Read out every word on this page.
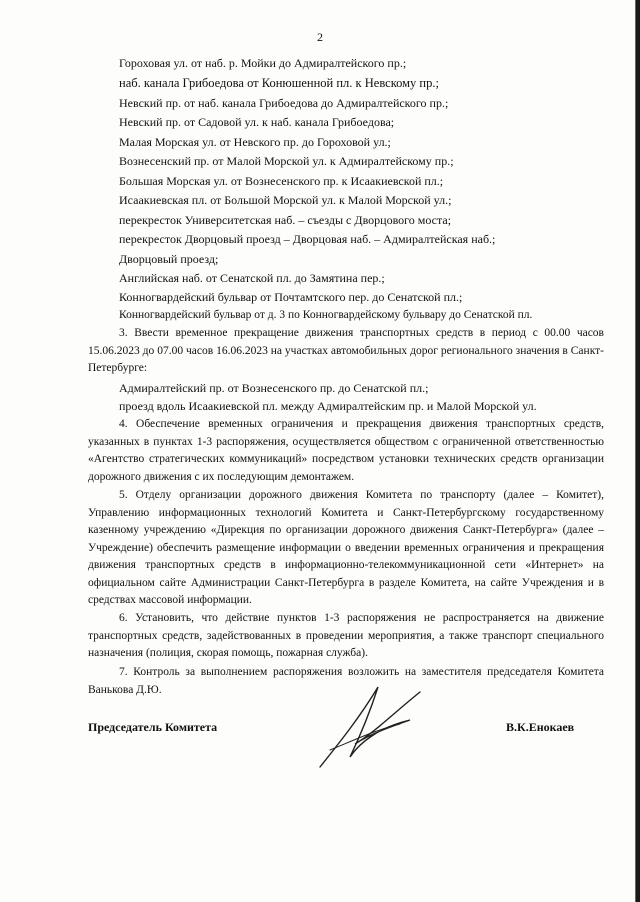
2
Гороховая ул. от наб. р. Мойки до Адмиралтейского пр.;
наб. канала Грибоедова от Конюшенной пл. к Невскому пр.;
Невский пр. от наб. канала Грибоедова до Адмиралтейского пр.;
Невский пр. от Садовой ул. к наб. канала Грибоедова;
Малая Морская ул. от Невского пр. до Гороховой ул.;
Вознесенский пр. от Малой Морской ул. к Адмиралтейскому пр.;
Большая Морская ул. от Вознесенского пр. к Исаакиевской пл.;
Исаакиевская пл. от Большой Морской ул. к Малой Морской ул.;
перекресток Университетская наб. – съезды с Дворцового моста;
перекресток Дворцовый проезд – Дворцовая наб. – Адмиралтейская наб.;
Дворцовый проезд;
Английская наб. от Сенатской пл. до Замятина пер.;
Конногвардейский бульвар от Почтамтского пер. до Сенатской пл.;
Конногвардейский бульвар от д. 3 по Конногвардейскому бульвару до Сенатской пл.
3. Ввести временное прекращение движения транспортных средств в период с 00.00 часов 15.06.2023 до 07.00 часов 16.06.2023 на участках автомобильных дорог регионального значения в Санкт-Петербурге:
Адмиралтейский пр. от Вознесенского пр. до Сенатской пл.;
проезд вдоль Исаакиевской пл. между Адмиралтейским пр. и Малой Морской ул.
4. Обеспечение временных ограничения и прекращения движения транспортных средств, указанных в пунктах 1-3 распоряжения, осуществляется обществом с ограниченной ответственностью «Агентство стратегических коммуникаций» посредством установки технических средств организации дорожного движения с их последующим демонтажем.
5. Отделу организации дорожного движения Комитета по транспорту (далее – Комитет), Управлению информационных технологий Комитета и Санкт-Петербургскому государственному казенному учреждению «Дирекция по организации дорожного движения Санкт-Петербурга» (далее – Учреждение) обеспечить размещение информации о введении временных ограничения и прекращения движения транспортных средств в информационно-телекоммуникационной сети «Интернет» на официальном сайте Администрации Санкт-Петербурга в разделе Комитета, на сайте Учреждения и в средствах массовой информации.
6. Установить, что действие пунктов 1-3 распоряжения не распространяется на движение транспортных средств, задействованных в проведении мероприятия, а также транспорт специального назначения (полиция, скорая помощь, пожарная служба).
7. Контроль за выполнением распоряжения возложить на заместителя председателя Комитета Ванькова Д.Ю.
Председатель Комитета	В.К.Енокаев
